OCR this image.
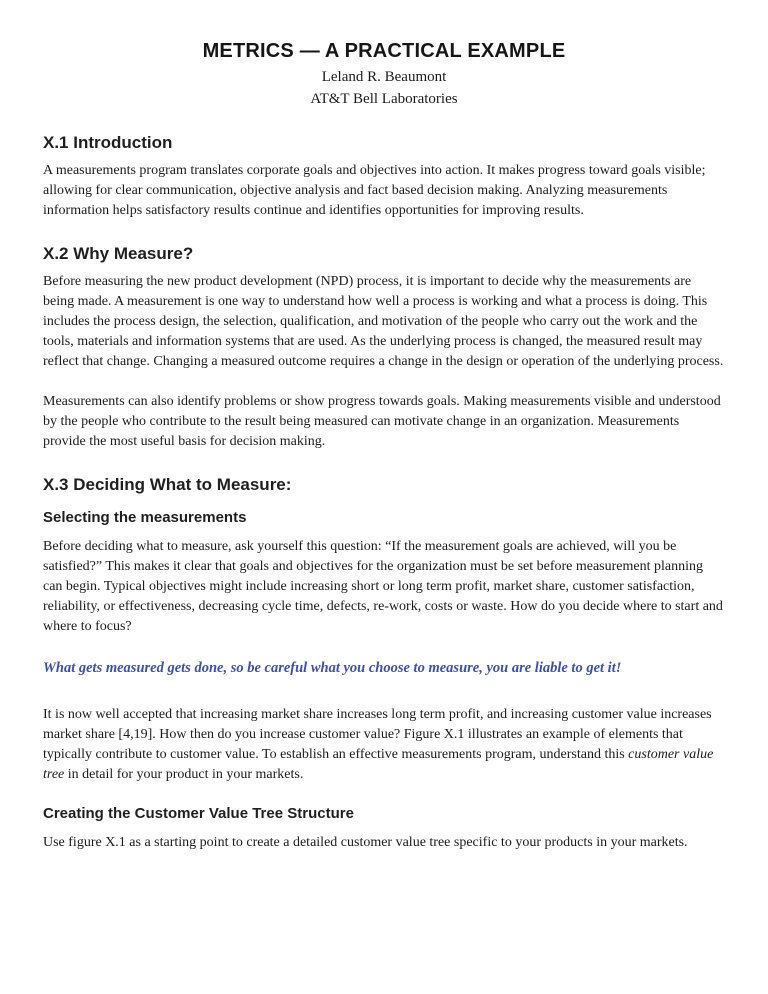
METRICS — A PRACTICAL EXAMPLE
Leland R. Beaumont
AT&T Bell Laboratories
X.1 Introduction

A measurements program translates corporate goals and objectives into action. It makes progress toward goals visible; allowing for clear communication, objective analysis and fact based decision making. Analyzing measurements information helps satisfactory results continue and identifies opportunities for improving results.

X.2 Why Measure?

Before measuring the new product development (NPD) process, it is important to decide why the measurements are being made. A measurement is one way to understand how well a process is working and what a process is doing. This includes the process design, the selection, qualification, and motivation of the people who carry out the work and the tools, materials and information systems that are used. As the underlying process is changed, the measured result may reflect that change. Changing a measured outcome requires a change in the design or operation of the underlying process.

Measurements can also identify problems or show progress towards goals. Making measurements visible and understood by the people who contribute to the result being measured can motivate change in an organization. Measurements provide the most useful basis for decision making.

X.3 Deciding What to Measure:
Selecting the measurements

Before deciding what to measure, ask yourself this question: “If the measurement goals are achieved, will you be satisfied?” This makes it clear that goals and objectives for the organization must be set before measurement planning can begin. Typical objectives might include increasing short or long term profit, market share, customer satisfaction, reliability, or effectiveness, decreasing cycle time, defects, re-work, costs or waste. How do you decide where to start and where to focus?

What gets measured gets done, so be careful what you choose to measure, you are liable to get it!

It is now well accepted that increasing market share increases long term profit, and increasing customer value increases market share [4,19]. How then do you increase customer value? Figure X.1 illustrates an example of elements that typically contribute to customer value. To establish an effective measurements program, understand this customer value tree in detail for your product in your markets.

Creating the Customer Value Tree Structure

Use figure X.1 as a starting point to create a detailed customer value tree specific to your products in your markets.
